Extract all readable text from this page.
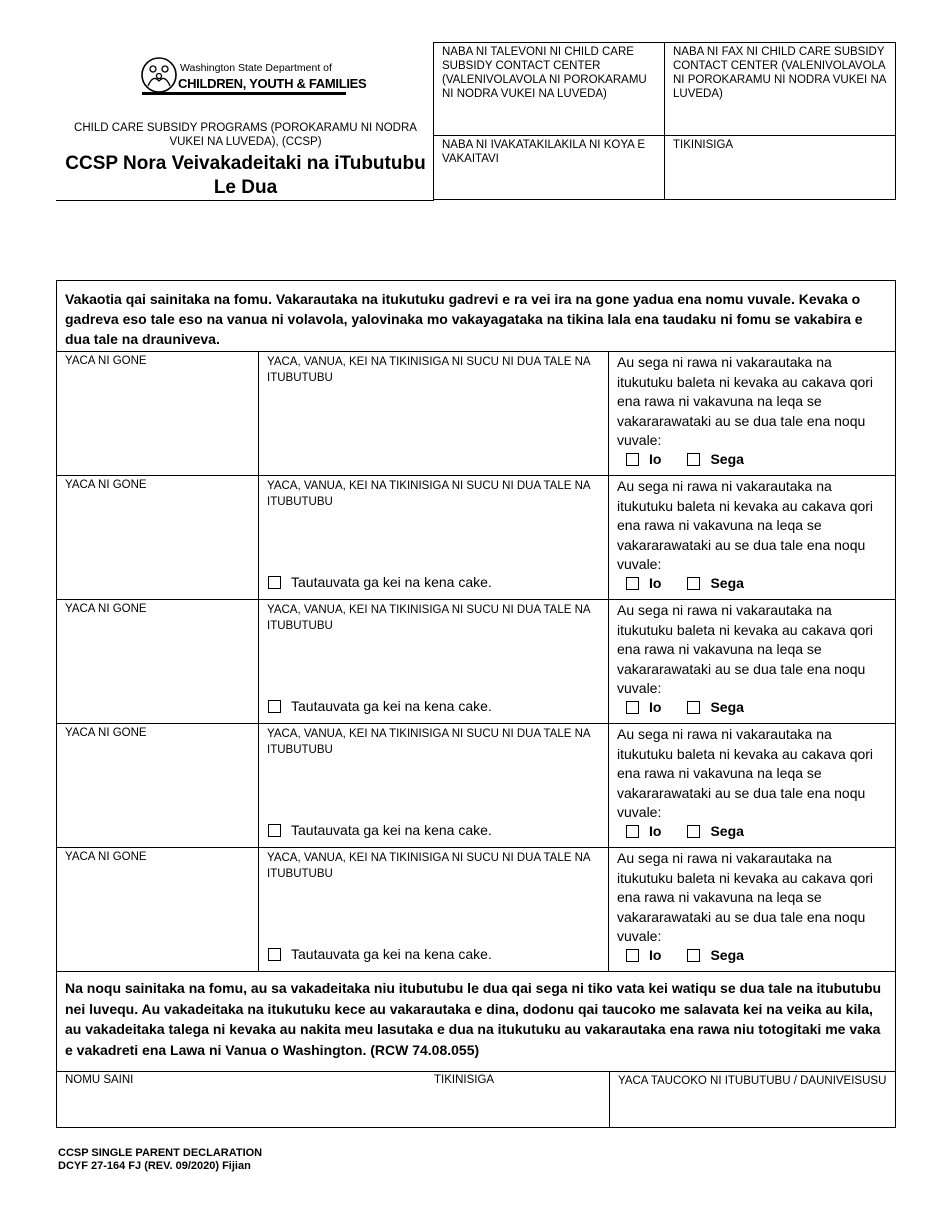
Washington State Department of
CHILDREN, YOUTH & FAMILIES
CHILD CARE SUBSIDY PROGRAMS (POROKARAMU NI NODRA VUKEI NA LUVEDA), (CCSP)
CCSP Nora Veivakadeitaki na iTubutubu Le Dua
NABA NI TALEVONI NI CHILD CARE SUBSIDY CONTACT CENTER (VALENIVOLAVOLA NI POROKARAMU NI NODRA VUKEI NA LUVEDA)
NABA NI FAX NI CHILD CARE SUBSIDY CONTACT CENTER (VALENIVOLAVOLA NI POROKARAMU NI NODRA VUKEI NA LUVEDA)
NABA NI IVAKATAKILAKILA NI KOYA E VAKAITAVI
TIKINISIGA
Vakaotia qai sainitaka na fomu. Vakarautaka na itukutuku gadrevi e ra vei ira na gone yadua ena nomu vuvale. Kevaka o gadreva eso tale eso na vanua ni volavola, yalovinaka mo vakayagataka na tikina lala ena taudaku ni fomu se vakabira e dua tale na drauniveva.
YACA NI GONE	YACA, VANUA, KEI NA TIKINISIGA NI SUCU NI DUA TALE NA ITUBUTUBU
Au sega ni rawa ni vakarautaka na itukutuku baleta ni kevaka au cakava qori ena rawa ni vakavuna na leqa se vakararawataki au se dua tale ena noqu vuvale:
Io	Sega
YACA NI GONE	YACA, VANUA, KEI NA TIKINISIGA NI SUCU NI DUA TALE NA ITUBUTUBU
Tautauvata ga kei na kena cake.
Au sega ni rawa ni vakarautaka na itukutuku baleta ni kevaka au cakava qori ena rawa ni vakavuna na leqa se vakararawataki au se dua tale ena noqu vuvale:
Io	Sega
YACA NI GONE	YACA, VANUA, KEI NA TIKINISIGA NI SUCU NI DUA TALE NA ITUBUTUBU
Tautauvata ga kei na kena cake.
Au sega ni rawa ni vakarautaka na itukutuku baleta ni kevaka au cakava qori ena rawa ni vakavuna na leqa se vakararawataki au se dua tale ena noqu vuvale:
Io	Sega
YACA NI GONE	YACA, VANUA, KEI NA TIKINISIGA NI SUCU NI DUA TALE NA ITUBUTUBU
Tautauvata ga kei na kena cake.
Au sega ni rawa ni vakarautaka na itukutuku baleta ni kevaka au cakava qori ena rawa ni vakavuna na leqa se vakararawataki au se dua tale ena noqu vuvale:
Io	Sega
YACA NI GONE	YACA, VANUA, KEI NA TIKINISIGA NI SUCU NI DUA TALE NA ITUBUTUBU
Tautauvata ga kei na kena cake.
Au sega ni rawa ni vakarautaka na itukutuku baleta ni kevaka au cakava qori ena rawa ni vakavuna na leqa se vakararawataki au se dua tale ena noqu vuvale:
Io	Sega
Na noqu sainitaka na fomu, au sa vakadeitaka niu itubutubu le dua qai sega ni tiko vata kei watiqu se dua tale na itubutubu nei luvequ. Au vakadeitaka na itukutuku kece au vakarautaka e dina, dodonu qai taucoko me salavata kei na veika au kila, au vakadeitaka talega ni kevaka au nakita meu lasutaka e dua na itukutuku au vakarautaka ena rawa niu totogitaki me vaka e vakadreti ena Lawa ni Vanua o Washington. (RCW 74.08.055)
NOMU SAINI	TIKINISIGA	YACA TAUCOKO NI ITUBUTUBU / DAUNIVEISUSU
CCSP SINGLE PARENT DECLARATION
DCYF 27-164 FJ (REV. 09/2020) Fijian
